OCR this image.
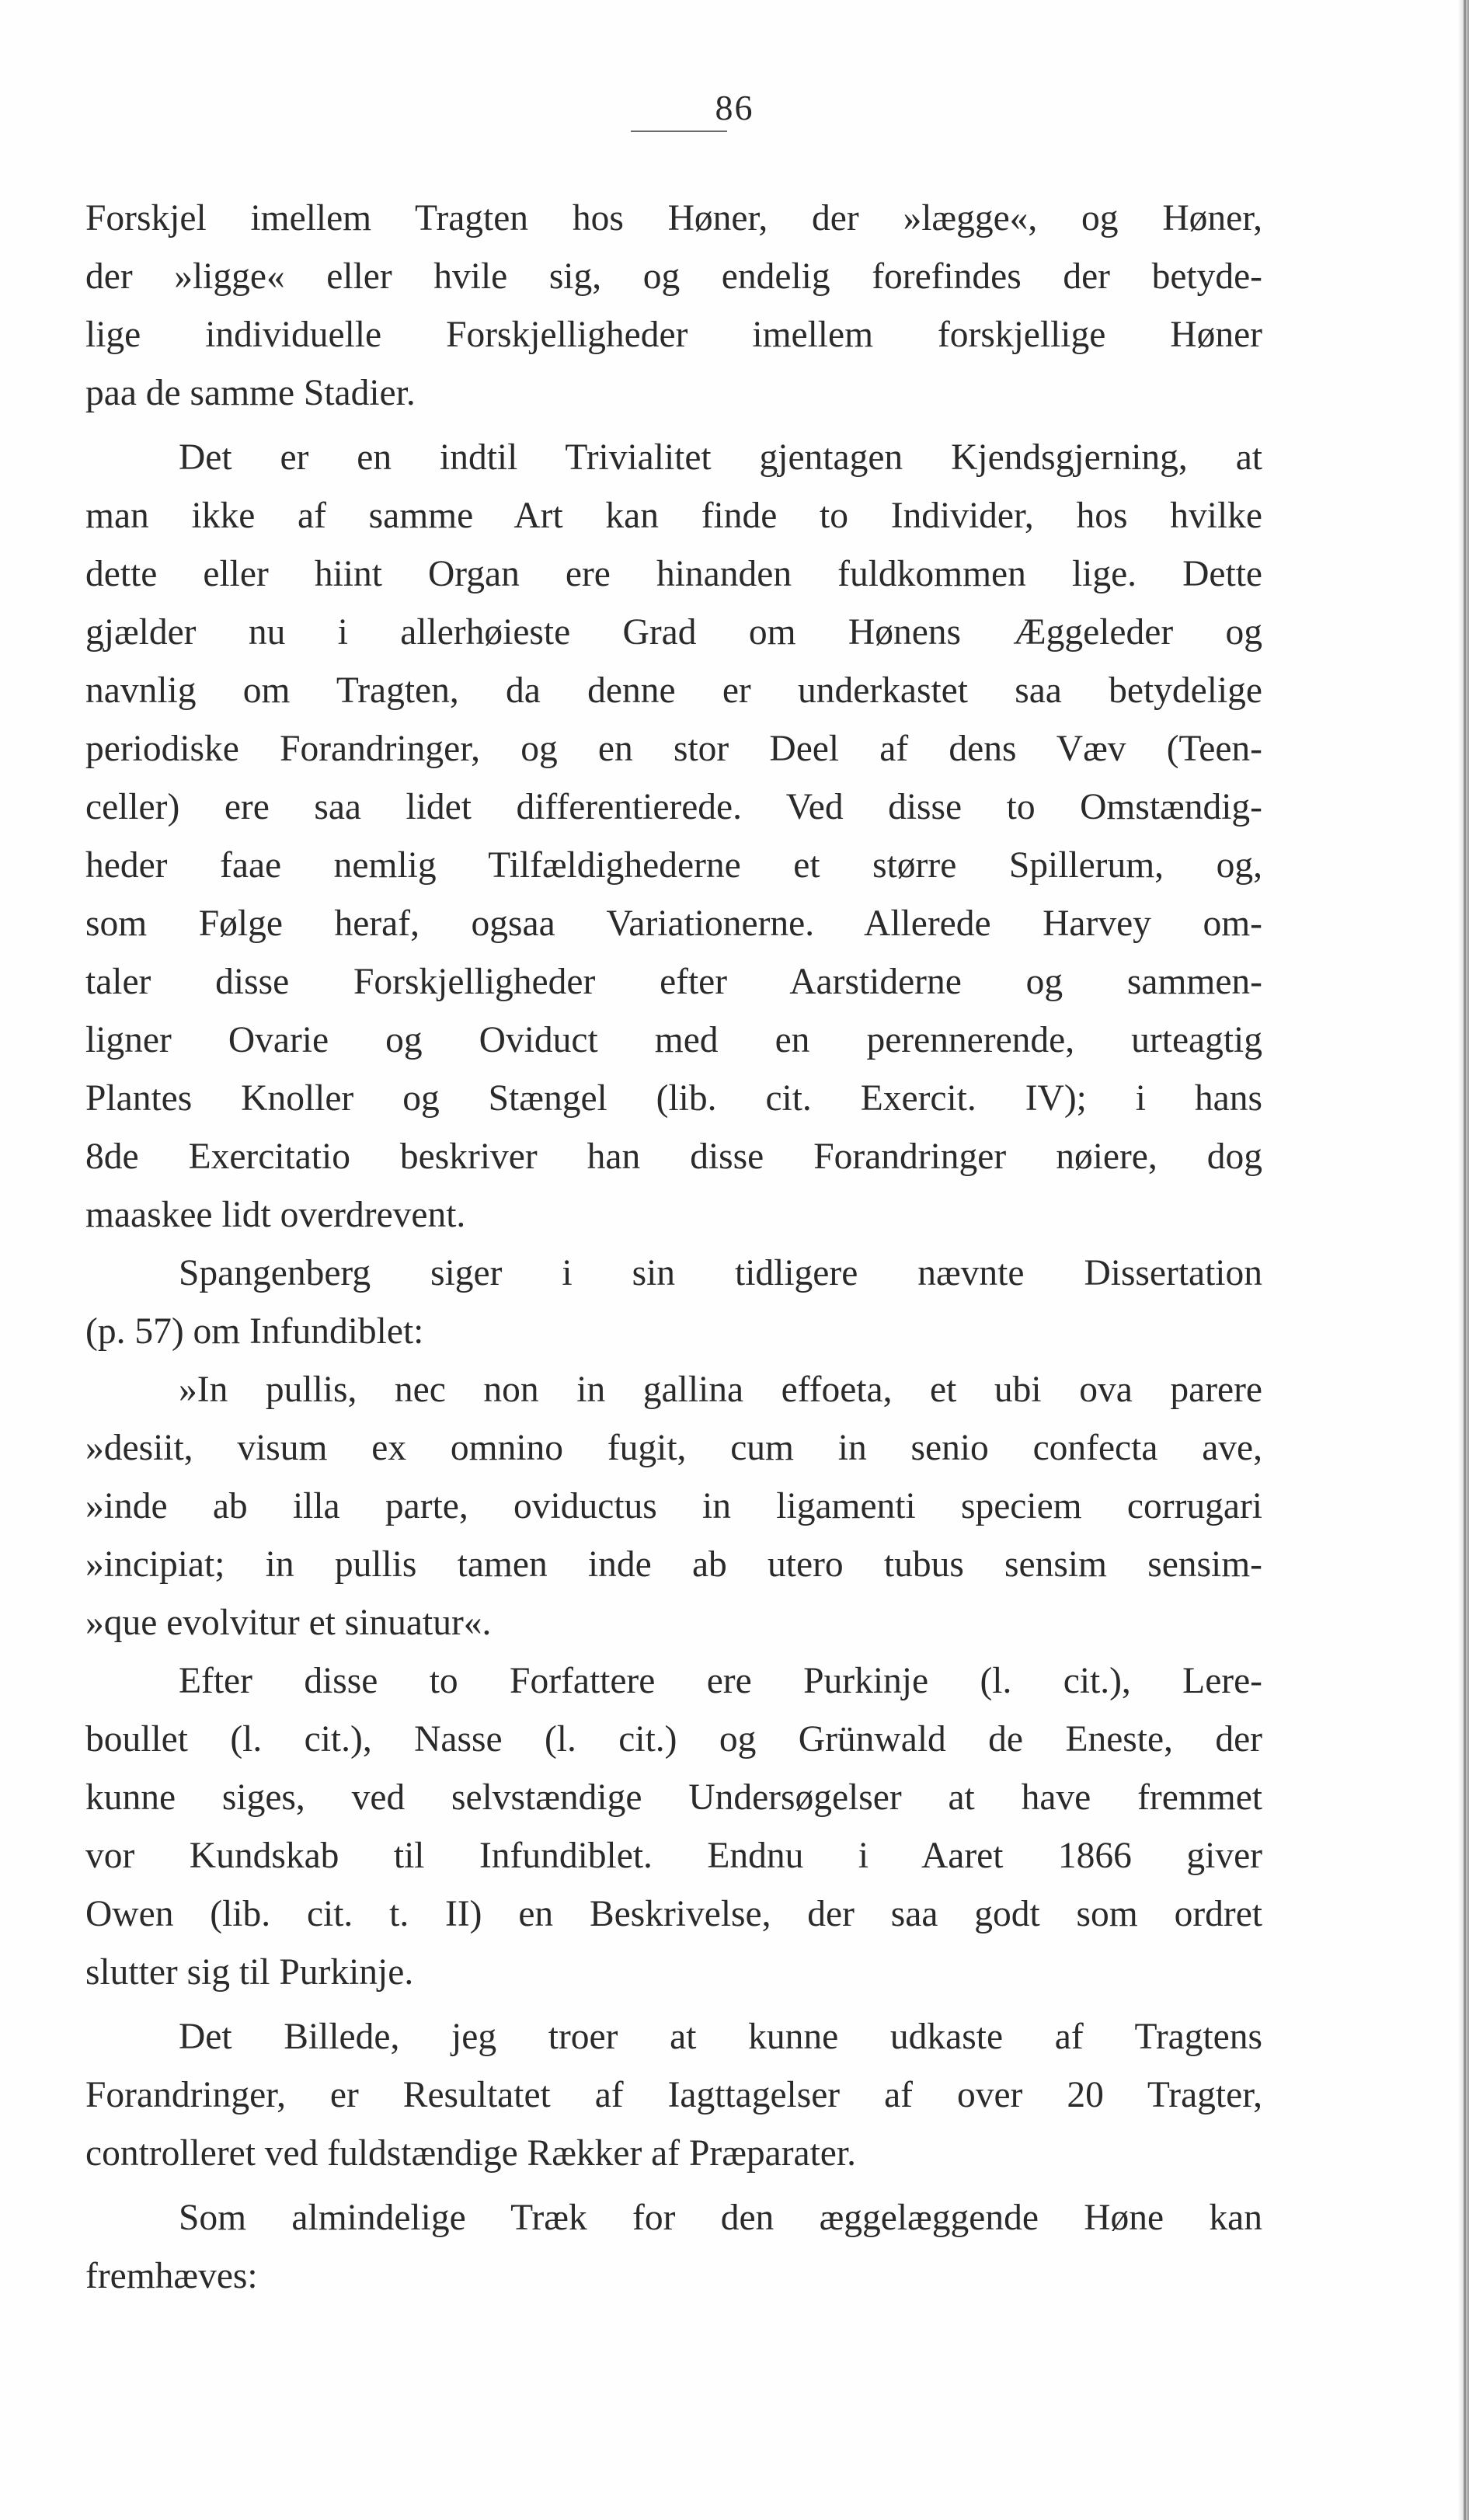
86
Forskjel imellem Tragten hos Høner, der »lægge«, og Høner,
der »ligge« eller hvile sig, og endelig forefindes der betyde-
lige individuelle Forskjelligheder imellem forskjellige Høner
paa de samme Stadier.
Det er en indtil Trivialitet gjentagen Kjendsgjerning, at
man ikke af samme Art kan finde to Individer, hos hvilke
dette eller hiint Organ ere hinanden fuldkommen lige. Dette
gjælder nu i allerhøieste Grad om Hønens Æggeleder og
navnlig om Tragten, da denne er underkastet saa betydelige
periodiske Forandringer, og en stor Deel af dens Væv (Teen-
celler) ere saa lidet differentierede. Ved disse to Omstændig-
heder faae nemlig Tilfældighederne et større Spillerum, og,
som Følge heraf, ogsaa Variationerne. Allerede Harvey om-
taler disse Forskjelligheder efter Aarstiderne og sammen-
ligner Ovarie og Oviduct med en perennerende, urteagtig
Plantes Knoller og Stængel (lib. cit. Exercit. IV); i hans
8de Exercitatio beskriver han disse Forandringer nøiere, dog
maaskee lidt overdrevent.
Spangenberg siger i sin tidligere nævnte Dissertation
(p. 57) om Infundiblet:
»In pullis, nec non in gallina effoeta, et ubi ova parere
»desiit, visum ex omnino fugit, cum in senio confecta ave,
»inde ab illa parte, oviductus in ligamenti speciem corrugari
»incipiat; in pullis tamen inde ab utero tubus sensim sensim-
»que evolvitur et sinuatur«.
Efter disse to Forfattere ere Purkinje (l. cit.), Lere-
boullet (l. cit.), Nasse (l. cit.) og Grünwald de Eneste, der
kunne siges, ved selvstændige Undersøgelser at have fremmet
vor Kundskab til Infundiblet. Endnu i Aaret 1866 giver
Owen (lib. cit. t. II) en Beskrivelse, der saa godt som ordret
slutter sig til Purkinje.
Det Billede, jeg troer at kunne udkaste af Tragtens
Forandringer, er Resultatet af Iagttagelser af over 20 Tragter,
controlleret ved fuldstændige Rækker af Præparater.
Som almindelige Træk for den æggelæggende Høne kan
fremhæves:
